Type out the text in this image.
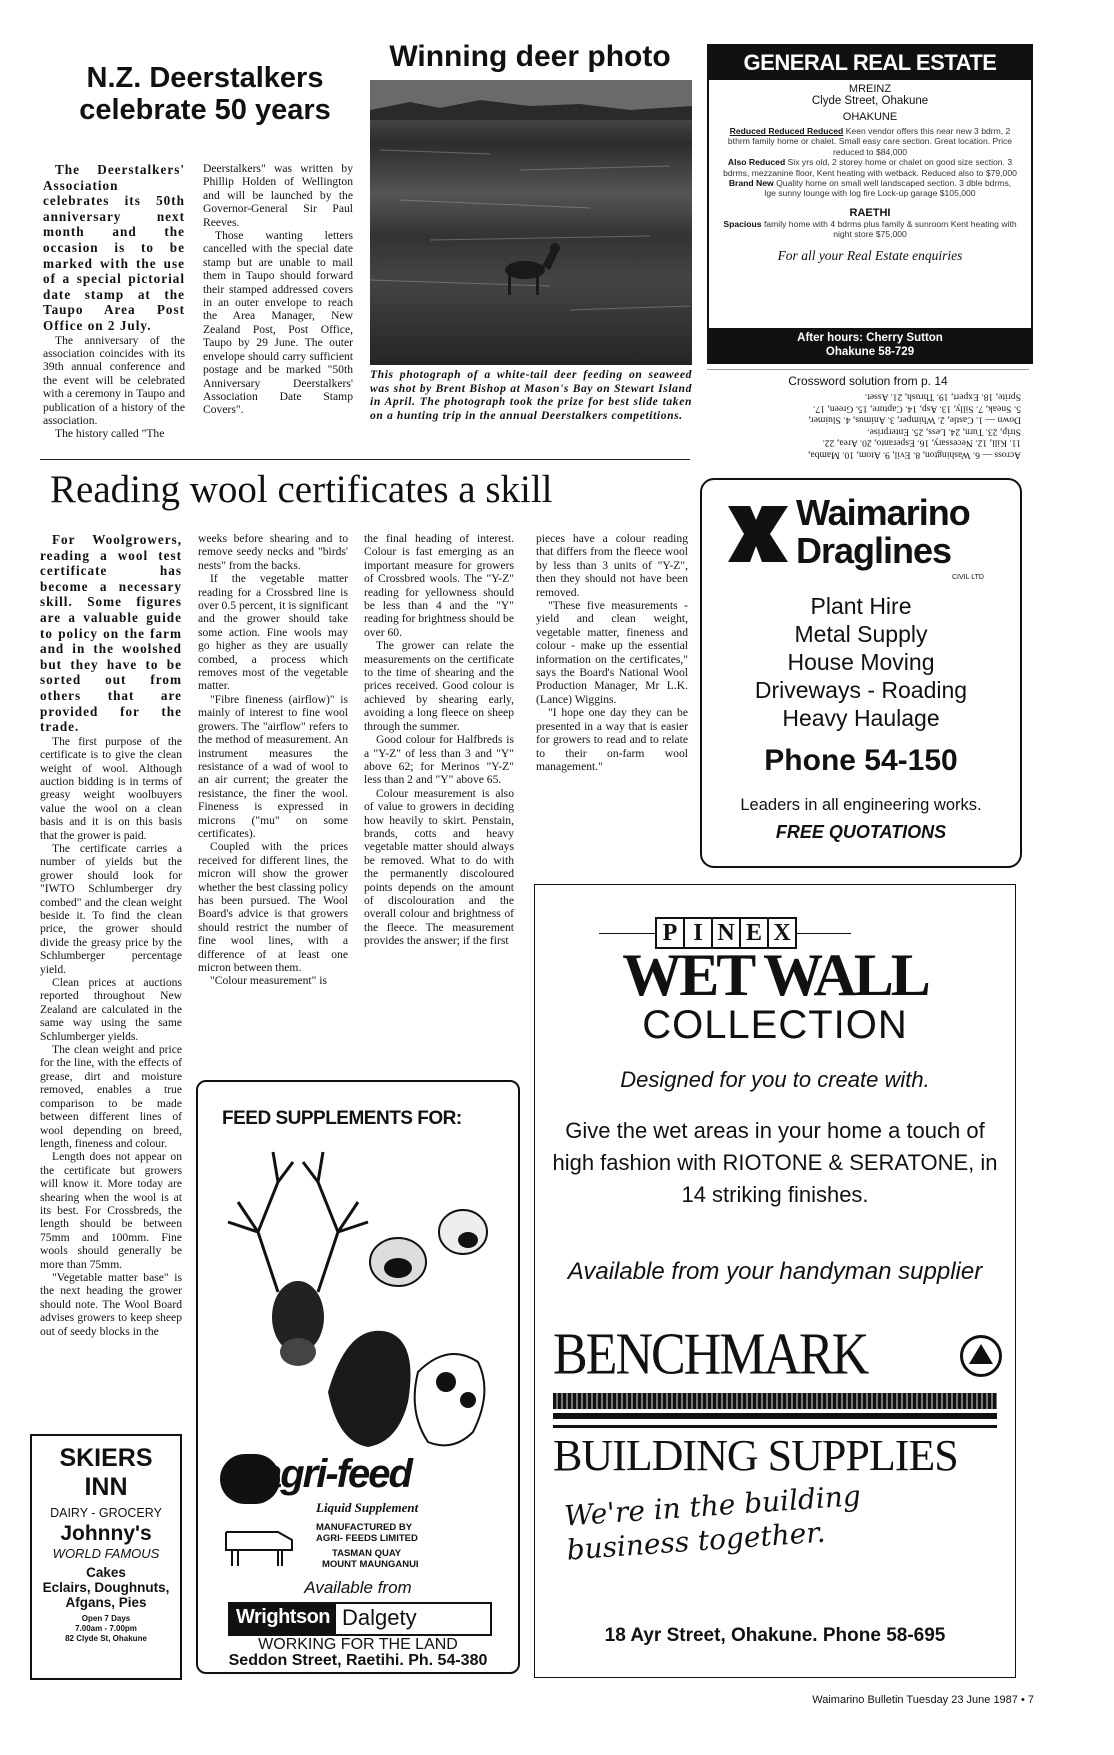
N.Z. Deerstalkers celebrate 50 years
The Deerstalkers' Association celebrates its 50th anniversary next month and the occasion is to be marked with the use of a special pictorial date stamp at the Taupo Area Post Office on 2 July.

The anniversary of the association coincides with its 39th annual conference and the event will be celebrated with a ceremony in Taupo and publication of a history of the association.

The history called "The

Deerstalkers" was written by Phillip Holden of Wellington and will be launched by the Governor-General Sir Paul Reeves.

Those wanting letters cancelled with the special date stamp but are unable to mail them in Taupo should forward their stamped addressed covers in an outer envelope to reach the Area Manager, New Zealand Post, Post Office, Taupo by 29 June. The outer envelope should carry sufficient postage and be marked "50th Anniversary Deerstalkers' Association Date Stamp Covers".

Winning deer photo
This photograph of a white-tail deer feeding on seaweed was shot by Brent Bishop at Mason's Bay on Stewart Island in April. The photograph took the prize for best slide taken on a hunting trip in the annual Deerstalkers competitions.
GENERAL REAL ESTATE
MREINZ
Clyde Street, Ohakune
OHAKUNE
Reduced Reduced Reduced Keen vendor offers this near new 3 bdrm, 2 bthrm family home or chalet. Small easy care section. Great location. Price reduced to $84,000
Also Reduced Six yrs old, 2 storey home or chalet on good size section. 3 bdrms, mezzanine floor, Kent heating with wetback. Reduced also to $79,000
Brand New Quality home on small well landscaped section. 3 dble bdrms, lge sunny lounge with log fire Lock-up garage $105,000
RAETHI
Spacious family home with 4 bdrms plus family & sunroom Kent heating with night store $75,000
For all your Real Estate enquiries
After hours: Cherry Sutton
Ohakune 58-729
Crossword solution from p. 14
Across — 6. Washington, 8. Evil, 9. Atom, 10. Mamba,
11. Kill, 12. Necessary, 16. Esperanto, 20. Area, 22.
Strip, 23. Turn, 24. Less, 25. Enterprise.
Down — 1. Castle, 2. Whimper, 3. Animus, 4. Sluimer,
5. Sneak, 7. Silly, 13. Asp, 14. Capture, 15. Green, 17.
Sprite, 18. Expert, 19. Thrush, 21. Asset.
Reading wool certificates a skill
For Woolgrowers, reading a wool test certificate has become a necessary skill. Some figures are a valuable guide to policy on the farm and in the woolshed but they have to be sorted out from others that are provided for the trade.

The first purpose of the certificate is to give the clean weight of wool. Although auction bidding is in terms of greasy weight woolbuyers value the wool on a clean basis and it is on this basis that the grower is paid.

The certificate carries a number of yields but the grower should look for "IWTO Schlumberger dry combed" and the clean weight beside it. To find the clean price, the grower should divide the greasy price by the Schlumberger percentage yield.

Clean prices at auctions reported throughout New Zealand are calculated in the same way using the same Schlumberger yields.

The clean weight and price for the line, with the effects of grease, dirt and moisture removed, enables a true comparison to be made between different lines of wool depending on breed, length, fineness and colour.

Length does not appear on the certificate but growers will know it. More today are shearing when the wool is at its best. For Crossbreds, the length should be between 75mm and 100mm. Fine wools should generally be more than 75mm.

"Vegetable matter base" is the next heading the grower should note. The Wool Board advises growers to keep sheep out of seedy blocks in the

weeks before shearing and to remove seedy necks and "birds' nests" from the backs.

If the vegetable matter reading for a Crossbred line is over 0.5 percent, it is significant and the grower should take some action. Fine wools may go higher as they are usually combed, a process which removes most of the vegetable matter.

"Fibre fineness (airflow)" is mainly of interest to fine wool growers. The "airflow" refers to the method of measurement. An instrument measures the resistance of a wad of wool to an air current; the greater the resistance, the finer the wool. Fineness is expressed in microns ("mu" on some certificates).

Coupled with the prices received for different lines, the micron will show the grower whether the best classing policy has been pursued. The Wool Board's advice is that growers should restrict the number of fine wool lines, with a difference of at least one micron between them.

"Colour measurement" is

the final heading of interest. Colour is fast emerging as an important measure for growers of Crossbred wools. The "Y-Z" reading for yellowness should be less than 4 and the "Y" reading for brightness should be over 60.

The grower can relate the measurements on the certificate to the time of shearing and the prices received. Good colour is achieved by shearing early, avoiding a long fleece on sheep through the summer.

Good colour for Halfbreds is a "Y-Z" of less than 3 and "Y" above 62; for Merinos "Y-Z" less than 2 and "Y" above 65.

Colour measurement is also of value to growers in deciding how heavily to skirt. Penstain, brands, cotts and heavy vegetable matter should always be removed. What to do with the permanently discoloured points depends on the amount of discolouration and the overall colour and brightness of the fleece. The measurement provides the answer; if the first

pieces have a colour reading that differs from the fleece wool by less than 3 units of "Y-Z", then they should not have been removed.

"These five measurements - yield and clean weight, vegetable matter, fineness and colour - make up the essential information on the certificates," says the Board's National Wool Production Manager, Mr L.K. (Lance) Wiggins.

"I hope one day they can be presented in a way that is easier for growers to read and to relate to their on-farm wool management."

Waimarino
Draglines
CIVIL LTD
Plant Hire
Metal Supply
House Moving
Driveways - Roading
Heavy Haulage
Phone 54-150
Leaders in all engineering works.
FREE QUOTATIONS
FEED SUPPLEMENTS FOR:
agri-feed
Liquid Supplement
MANUFACTURED BY
AGRI- FEEDS LIMITED
TASMAN QUAY
MOUNT MAUNGANUI
Available from
Wrightson Dalgety
WORKING FOR THE LAND
Seddon Street, Raetihi. Ph. 54-380
SKIERS
INN
DAIRY - GROCERY
Johnny's
WORLD FAMOUS
Cakes
Eclairs, Doughnuts,
Afgans, Pies
Open 7 Days
7.00am - 7.00pm
82 Clyde St, Ohakune
P I N E X
WET WALL
COLLECTION
Designed for you to create with.
Give the wet areas in your home a touch of high fashion with RIOTONE & SERATONE, in 14 striking finishes.
Available from your handyman supplier
BENCHMARK
BUILDING SUPPLIES
We're in the building business together.
18 Ayr Street, Ohakune. Phone 58-695
Waimarino Bulletin Tuesday 23 June 1987 • 7
